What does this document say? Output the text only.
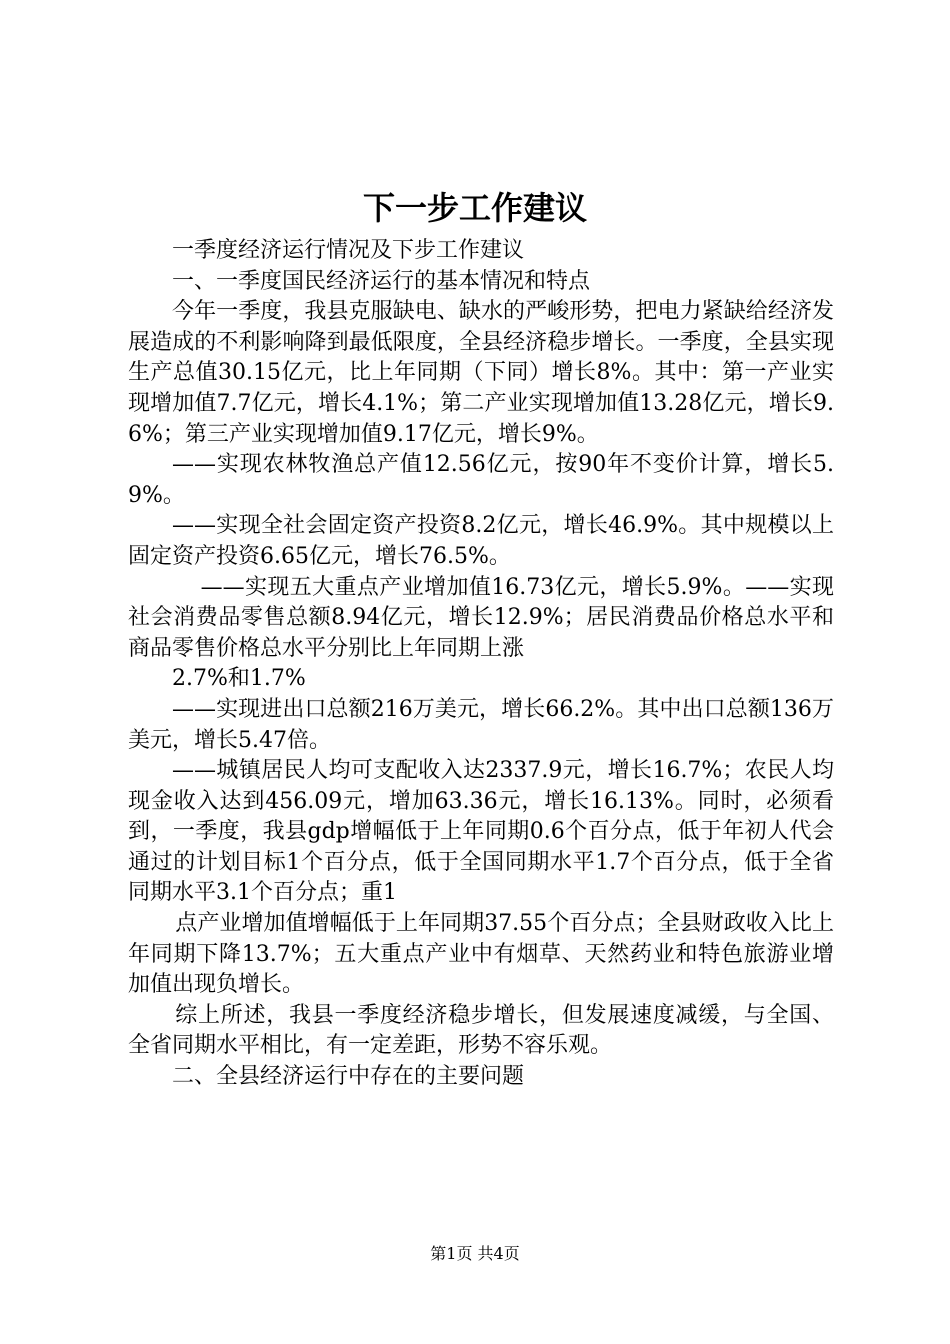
下一步工作建议

一季度经济运行情况及下步工作建议

一、一季度国民经济运行的基本情况和特点

今年一季度，我县克服缺电、缺水的严峻形势，把电力紧缺给经济发展造成的不利影响降到最低限度，全县经济稳步增长。一季度，全县实现生产总值30.15亿元，比上年同期（下同）增长8%。其中：第一产业实现增加值7.7亿元，增长4.1%；第二产业实现增加值13.28亿元，增长9.6%；第三产业实现增加值9.17亿元，增长9%。

——实现农林牧渔总产值12.56亿元，按90年不变价计算，增长5.9%。

——实现全社会固定资产投资8.2亿元，增长46.9%。其中规模以上固定资产投资6.65亿元，增长76.5%。

——实现五大重点产业增加值16.73亿元，增长5.9%。——实现社会消费品零售总额8.94亿元，增长12.9%；居民消费品价格总水平和商品零售价格总水平分别比上年同期上涨

2.7%和1.7%

——实现进出口总额216万美元，增长66.2%。其中出口总额136万美元，增长5.47倍。

——城镇居民人均可支配收入达2337.9元，增长16.7%；农民人均现金收入达到456.09元，增加63.36元，增长16.13%。同时，必须看到，一季度，我县gdp增幅低于上年同期0.6个百分点，低于年初人代会通过的计划目标1个百分点，低于全国同期水平1.7个百分点，低于全省同期水平3.1个百分点；重1

点产业增加值增幅低于上年同期37.55个百分点；全县财政收入比上年同期下降13.7%；五大重点产业中有烟草、天然药业和特色旅游业增加值出现负增长。

综上所述，我县一季度经济稳步增长，但发展速度减缓，与全国、全省同期水平相比，有一定差距，形势不容乐观。

二、全县经济运行中存在的主要问题

第1页 共4页
